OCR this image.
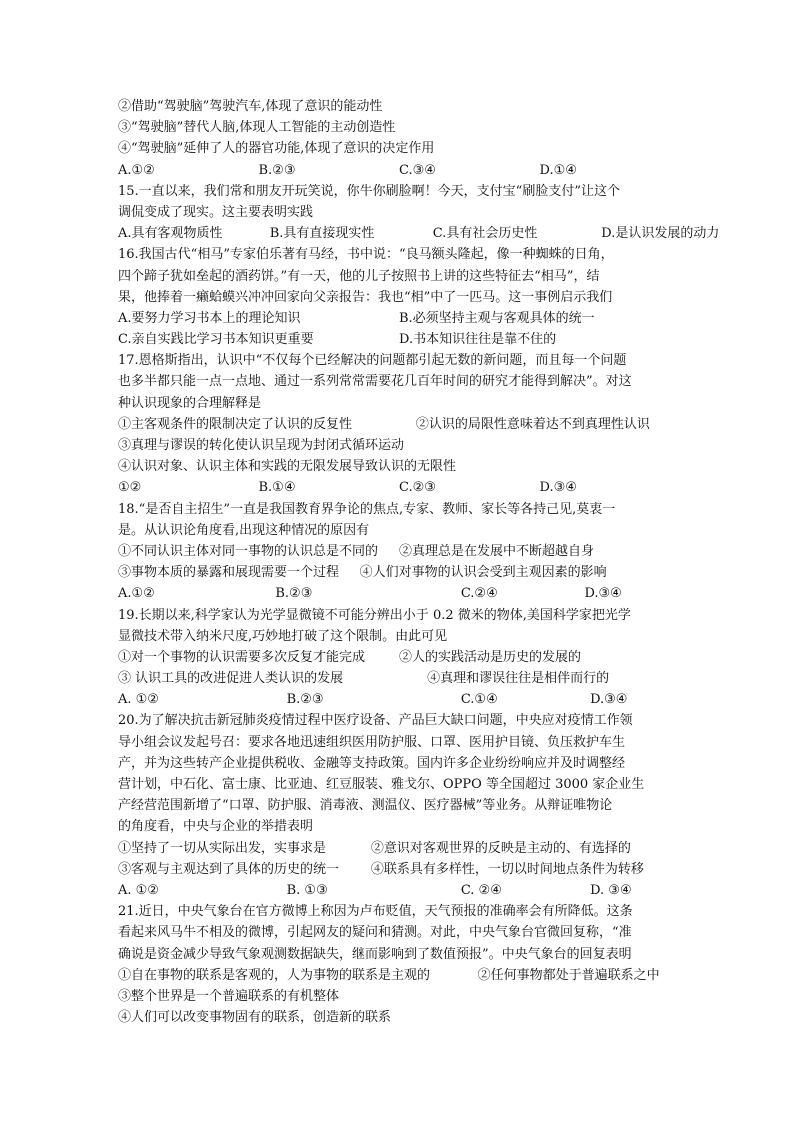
②借助“驾驶脑”驾驶汽车,体现了意识的能动性
③“驾驶脑”替代人脑,体现人工智能的主动创造性
④“驾驶脑”延伸了人的器官功能,体现了意识的决定作用
A.①②	B.②③	C.③④	D.①④
15.一直以来，我们常和朋友开玩笑说，你牛你刷脸啊！今天，支付宝“刷脸支付”让这个
调侃变成了现实。这主要表明实践
A.具有客观物质性	B.具有直接现实性	C.具有社会历史性	D.是认识发展的动力
16.我国古代“相马”专家伯乐著有马经，书中说：“良马额头隆起，像一种蜘蛛的日角，
四个蹄子犹如垒起的酒药饼。”有一天，他的儿子按照书上讲的这些特征去“相马”，结
果，他捧着一癞蛤蟆兴冲冲回家向父亲报告：我也“相”中了一匹马。这一事例启示我们
A.要努力学习书本上的理论知识	B.必须坚持主观与客观具体的统一
C.亲自实践比学习书本知识更重要	D.书本知识往往是靠不住的
17.恩格斯指出，认识中“不仅每个已经解决的问题都引起无数的新问题，而且每一个问题
也多半都只能一点一点地、通过一系列常常需要花几百年时间的研究才能得到解决”。对这
种认识现象的合理解释是
①主客观条件的限制决定了认识的反复性	②认识的局限性意味着达不到真理性认识
③真理与谬误的转化使认识呈现为封闭式循环运动
④认识对象、认识主体和实践的无限发展导致认识的无限性
①②	B.①④	C.②③	D.③④
18.“是否自主招生”一直是我国教育界争论的焦点,专家、教师、家长等各持己见,莫衷一
是。从认识论角度看,出现这种情况的原因有
①不同认识主体对同一事物的认识总是不同的	②真理总是在发展中不断超越自身
③事物本质的暴露和展现需要一个过程	④人们对事物的认识会受到主观因素的影响
A.①②	B.②③	C.②④	D.③④
19.长期以来,科学家认为光学显微镜不可能分辨出小于 0.2 微米的物体,美国科学家把光学
显微技术带入纳米尺度,巧妙地打破了这个限制。由此可见
①对一个事物的认识需要多次反复才能完成	②人的实践活动是历史的发展的
③ 认识工具的改进促进人类认识的发展	④真理和谬误往往是相伴而行的
A. ①②	B.②③	C.①④	D.③④
20.为了解决抗击新冠肺炎疫情过程中医疗设备、产品巨大缺口问题，中央应对疫情工作领
导小组会议发起号召：要求各地迅速组织医用防护服、口罩、医用护目镜、负压救护车生
产，并为这些转产企业提供税收、金融等支持政策。国内许多企业纷纷响应并及时调整经
营计划，中石化、富士康、比亚迪、红豆服装、雅戈尔、OPPO 等全国超过 3000 家企业生
产经营范围新增了“口罩、防护服、消毒液、测温仪、医疗器械”等业务。从辩证唯物论
的角度看，中央与企业的举措表明
①坚持了一切从实际出发，实事求是	②意识对客观世界的反映是主动的、有选择的
③客观与主观达到了具体的历史的统一	④联系具有多样性，一切以时间地点条件为转移
A. ①②	B. ①③	C. ②④	D. ③④
21.近日，中央气象台在官方微博上称因为卢布贬值，天气预报的准确率会有所降低。这条
看起来风马牛不相及的微博，引起网友的疑问和猜测。对此，中央气象台官微回复称，“准
确说是资金减少导致气象观测数据缺失，继而影响到了数值预报”。中央气象台的回复表明
①自在事物的联系是客观的，人为事物的联系是主观的	②任何事物都处于普遍联系之中
③整个世界是一个普遍联系的有机整体
④人们可以改变事物固有的联系，创造新的联系
